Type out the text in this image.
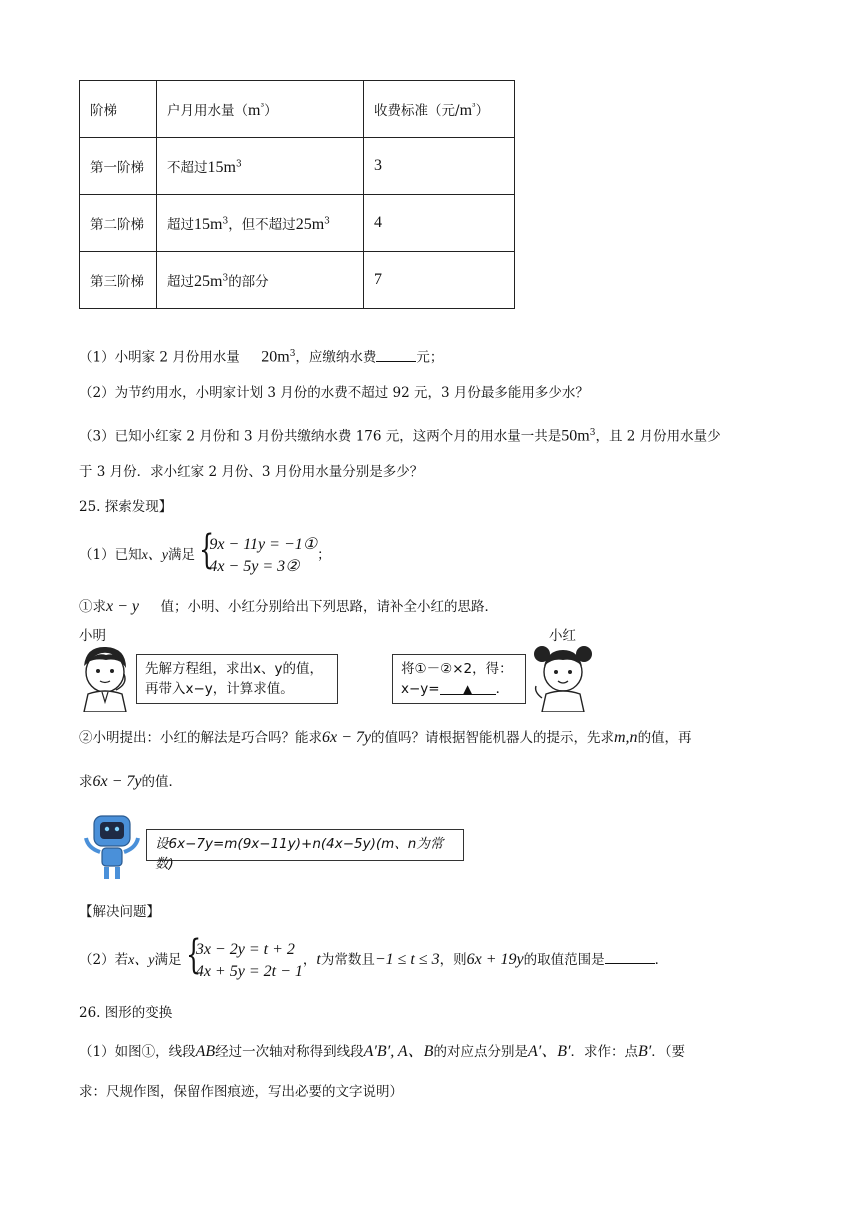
阶梯	户月用水量$(m^{^3})$	收费标准（元$/m^{^3}$）
第一阶梯	不超过$15m^3$	3
第二阶梯	超过$15m^3$，但不超过$25m^3$	4
第三阶梯	超过$25m^3$的部分	7
（1）小明家 2 月份用水量 $20m^3$，应缴纳水费	元；
（2）为节约用水，小明家计划 3 月份的水费不超过 92 元，3 月份最多能用多少水？
（3）已知小红家 2 月份和 3 月份共缴纳水费 176 元，这两个月的用水量一共是$50m^3$，且 2 月份用水量少
于 3 月份．求小红家 2 月份、3 月份用水量分别是多少？
25. 探索发现】
（1）已知x、y满足 {
9x − 11y = −1①
4x − 5y = 3②
；
①求x − y 值；小明、小红分别给出下列思路，请补全小红的思路．
小明
先解方程组，求出x、y的值，
再带入x−y，计算求值。
小红
将①－②×2，得：
x−y= ▲ ．
②小明提出：小红的解法是巧合吗？能求6x − 7y的值吗？请根据智能机器人的提示，先求m,n的值，再
求6x − 7y的值．
设6x−7y=m(9x−11y)+n(4x−5y)(m、n为常数)
【解决问题】
（2）若x、y满足 {
3x − 2y = t + 2
4x + 5y = 2t − 1
，t为常数且−1 ≤ t ≤ 3，则6x + 19y的取值范围是	．
26. 图形的变换
（1）如图①，线段AB经过一次轴对称得到线段A′B′, A、B的对应点分别是A′、B′．求作：点B′．（要
求：尺规作图，保留作图痕迹，写出必要的文字说明）
